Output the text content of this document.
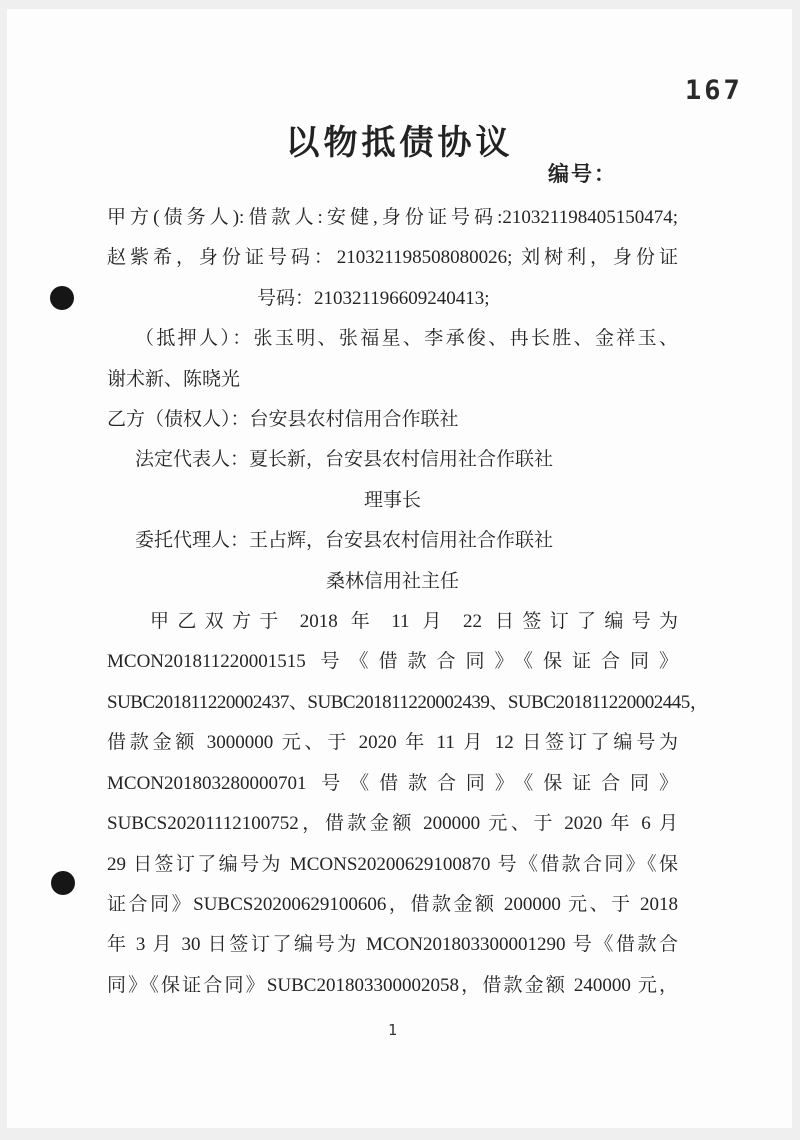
167
以物抵债协议
编号：
甲方(债务人):借款人:安健,身份证号码:210321198405150474;
赵紫希，身份证号码：210321198508080026; 刘树利，身份证
号码：210321196609240413;
（抵押人）：张玉明、张福星、李承俊、冉长胜、金祥玉、
谢术新、陈晓光
乙方（债权人）：台安县农村信用合作联社
法定代表人：夏长新，台安县农村信用社合作联社
理事长
委托代理人：王占辉，台安县农村信用社合作联社
桑林信用社主任
甲乙双方于 2018 年 11 月 22 日签订了编号为
MCON201811220001515 号《借款合同》《保证合同》
SUBC201811220002437、SUBC201811220002439、SUBC201811220002445，
借款金额 3000000 元、于 2020 年 11 月 12 日签订了编号为
MCON201803280000701 号《借款合同》《保证合同》
SUBCS20201112100752，借款金额 200000 元、于 2020 年 6 月
29 日签订了编号为 MCONS20200629100870 号《借款合同》《保
证合同》SUBCS20200629100606，借款金额 200000 元、于 2018
年 3 月 30 日签订了编号为 MCON201803300001290 号《借款合
同》《保证合同》SUBC201803300002058，借款金额 240000 元，
1
